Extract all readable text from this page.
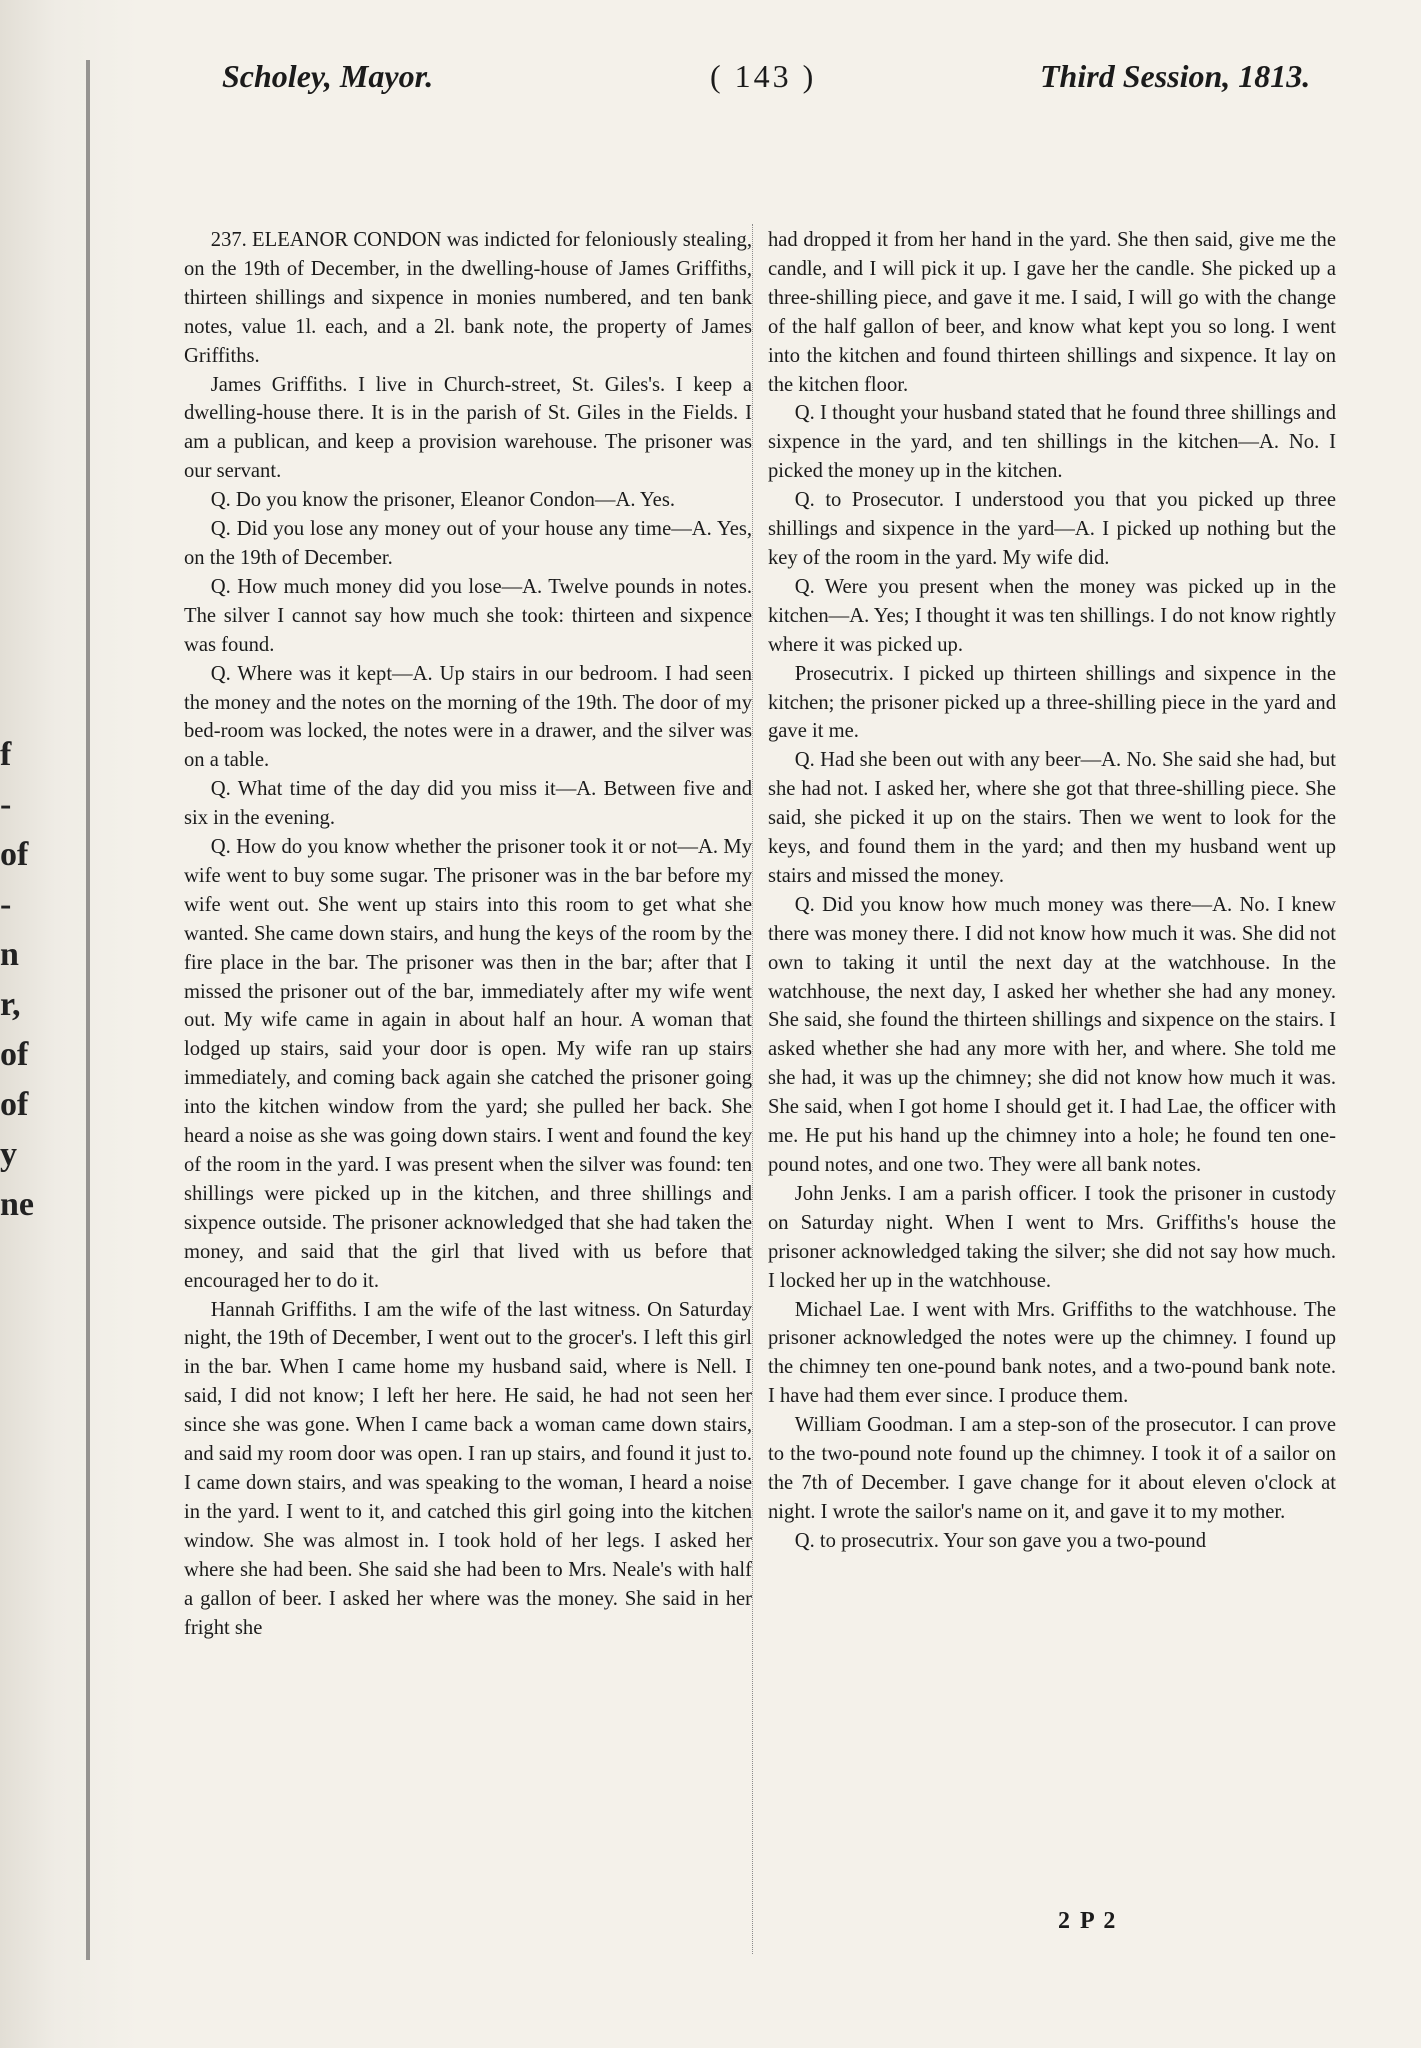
f
-
of
-
n
r,
of
of
y
ne
Scholey, Mayor.	( 143 )	Third Session, 1813.

237. ELEANOR CONDON was indicted for feloniously stealing, on the 19th of December, in the dwelling-house of James Griffiths, thirteen shillings and sixpence in monies numbered, and ten bank notes, value 1l. each, and a 2l. bank note, the property of James Griffiths.

James Griffiths. I live in Church-street, St. Giles's. I keep a dwelling-house there. It is in the parish of St. Giles in the Fields. I am a publican, and keep a provision warehouse. The prisoner was our servant.

Q. Do you know the prisoner, Eleanor Condon—A. Yes.

Q. Did you lose any money out of your house any time—A. Yes, on the 19th of December.

Q. How much money did you lose—A. Twelve pounds in notes. The silver I cannot say how much she took: thirteen and sixpence was found.

Q. Where was it kept—A. Up stairs in our bedroom. I had seen the money and the notes on the morning of the 19th. The door of my bed-room was locked, the notes were in a drawer, and the silver was on a table.

Q. What time of the day did you miss it—A. Between five and six in the evening.

Q. How do you know whether the prisoner took it or not—A. My wife went to buy some sugar. The prisoner was in the bar before my wife went out. She went up stairs into this room to get what she wanted. She came down stairs, and hung the keys of the room by the fire place in the bar. The prisoner was then in the bar; after that I missed the prisoner out of the bar, immediately after my wife went out. My wife came in again in about half an hour. A woman that lodged up stairs, said your door is open. My wife ran up stairs immediately, and coming back again she catched the prisoner going into the kitchen window from the yard; she pulled her back. She heard a noise as she was going down stairs. I went and found the key of the room in the yard. I was present when the silver was found: ten shillings were picked up in the kitchen, and three shillings and sixpence outside. The prisoner acknowledged that she had taken the money, and said that the girl that lived with us before that encouraged her to do it.

Hannah Griffiths. I am the wife of the last witness. On Saturday night, the 19th of December, I went out to the grocer's. I left this girl in the bar. When I came home my husband said, where is Nell. I said, I did not know; I left her here. He said, he had not seen her since she was gone. When I came back a woman came down stairs, and said my room door was open. I ran up stairs, and found it just to. I came down stairs, and was speaking to the woman, I heard a noise in the yard. I went to it, and catched this girl going into the kitchen window. She was almost in. I took hold of her legs. I asked her where she had been. She said she had been to Mrs. Neale's with half a gallon of beer. I asked her where was the money. She said in her fright she

had dropped it from her hand in the yard. She then said, give me the candle, and I will pick it up. I gave her the candle. She picked up a three-shilling piece, and gave it me. I said, I will go with the change of the half gallon of beer, and know what kept you so long. I went into the kitchen and found thirteen shillings and sixpence. It lay on the kitchen floor.

Q. I thought your husband stated that he found three shillings and sixpence in the yard, and ten shillings in the kitchen—A. No. I picked the money up in the kitchen.

Q. to Prosecutor. I understood you that you picked up three shillings and sixpence in the yard—A. I picked up nothing but the key of the room in the yard. My wife did.

Q. Were you present when the money was picked up in the kitchen—A. Yes; I thought it was ten shillings. I do not know rightly where it was picked up.

Prosecutrix. I picked up thirteen shillings and sixpence in the kitchen; the prisoner picked up a three-shilling piece in the yard and gave it me.

Q. Had she been out with any beer—A. No. She said she had, but she had not. I asked her, where she got that three-shilling piece. She said, she picked it up on the stairs. Then we went to look for the keys, and found them in the yard; and then my husband went up stairs and missed the money.

Q. Did you know how much money was there—A. No. I knew there was money there. I did not know how much it was. She did not own to taking it until the next day at the watchhouse. In the watchhouse, the next day, I asked her whether she had any money. She said, she found the thirteen shillings and sixpence on the stairs. I asked whether she had any more with her, and where. She told me she had, it was up the chimney; she did not know how much it was. She said, when I got home I should get it. I had Lae, the officer with me. He put his hand up the chimney into a hole; he found ten one-pound notes, and one two. They were all bank notes.

John Jenks. I am a parish officer. I took the prisoner in custody on Saturday night. When I went to Mrs. Griffiths's house the prisoner acknowledged taking the silver; she did not say how much. I locked her up in the watchhouse.

Michael Lae. I went with Mrs. Griffiths to the watchhouse. The prisoner acknowledged the notes were up the chimney. I found up the chimney ten one-pound bank notes, and a two-pound bank note. I have had them ever since. I produce them.

William Goodman. I am a step-son of the prosecutor. I can prove to the two-pound note found up the chimney. I took it of a sailor on the 7th of December. I gave change for it about eleven o'clock at night. I wrote the sailor's name on it, and gave it to my mother.

Q. to prosecutrix. Your son gave you a two-pound

2 P 2
